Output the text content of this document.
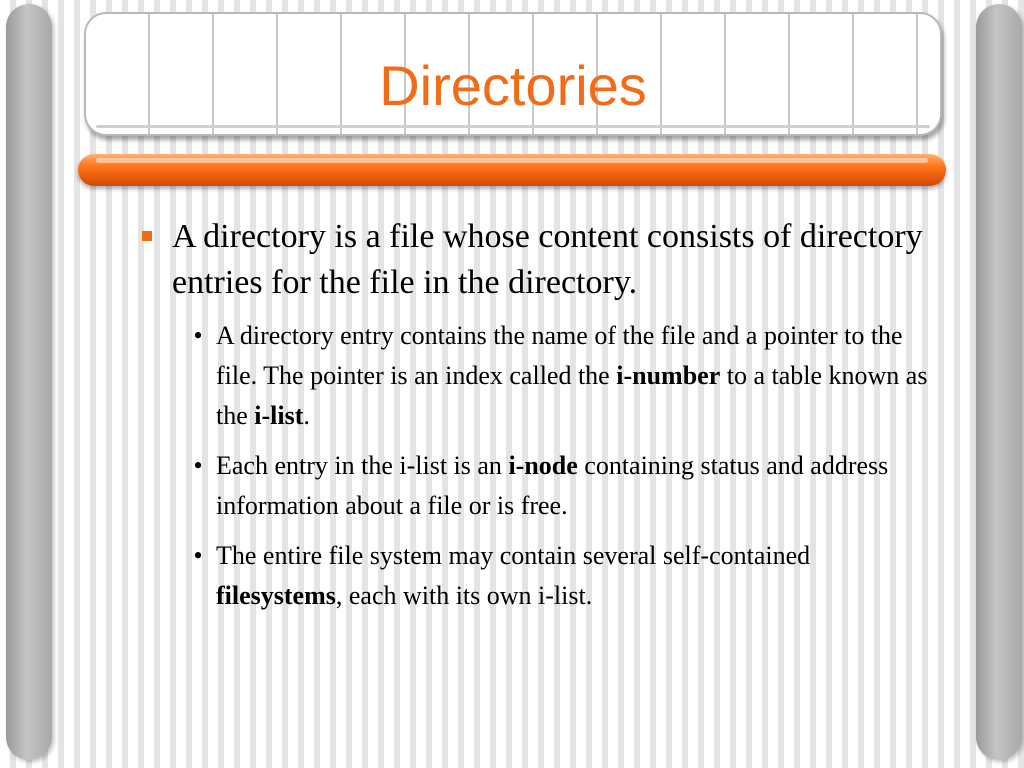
Directories
A directory is a file whose content consists of directory entries for the file in the directory.
• A directory entry contains the name of the file and a pointer to the file. The pointer is an index called the i-number to a table known as the i-list.
• Each entry in the i-list is an i-node containing status and address information about a file or is free.
• The entire file system may contain several self-contained filesystems, each with its own i-list.
